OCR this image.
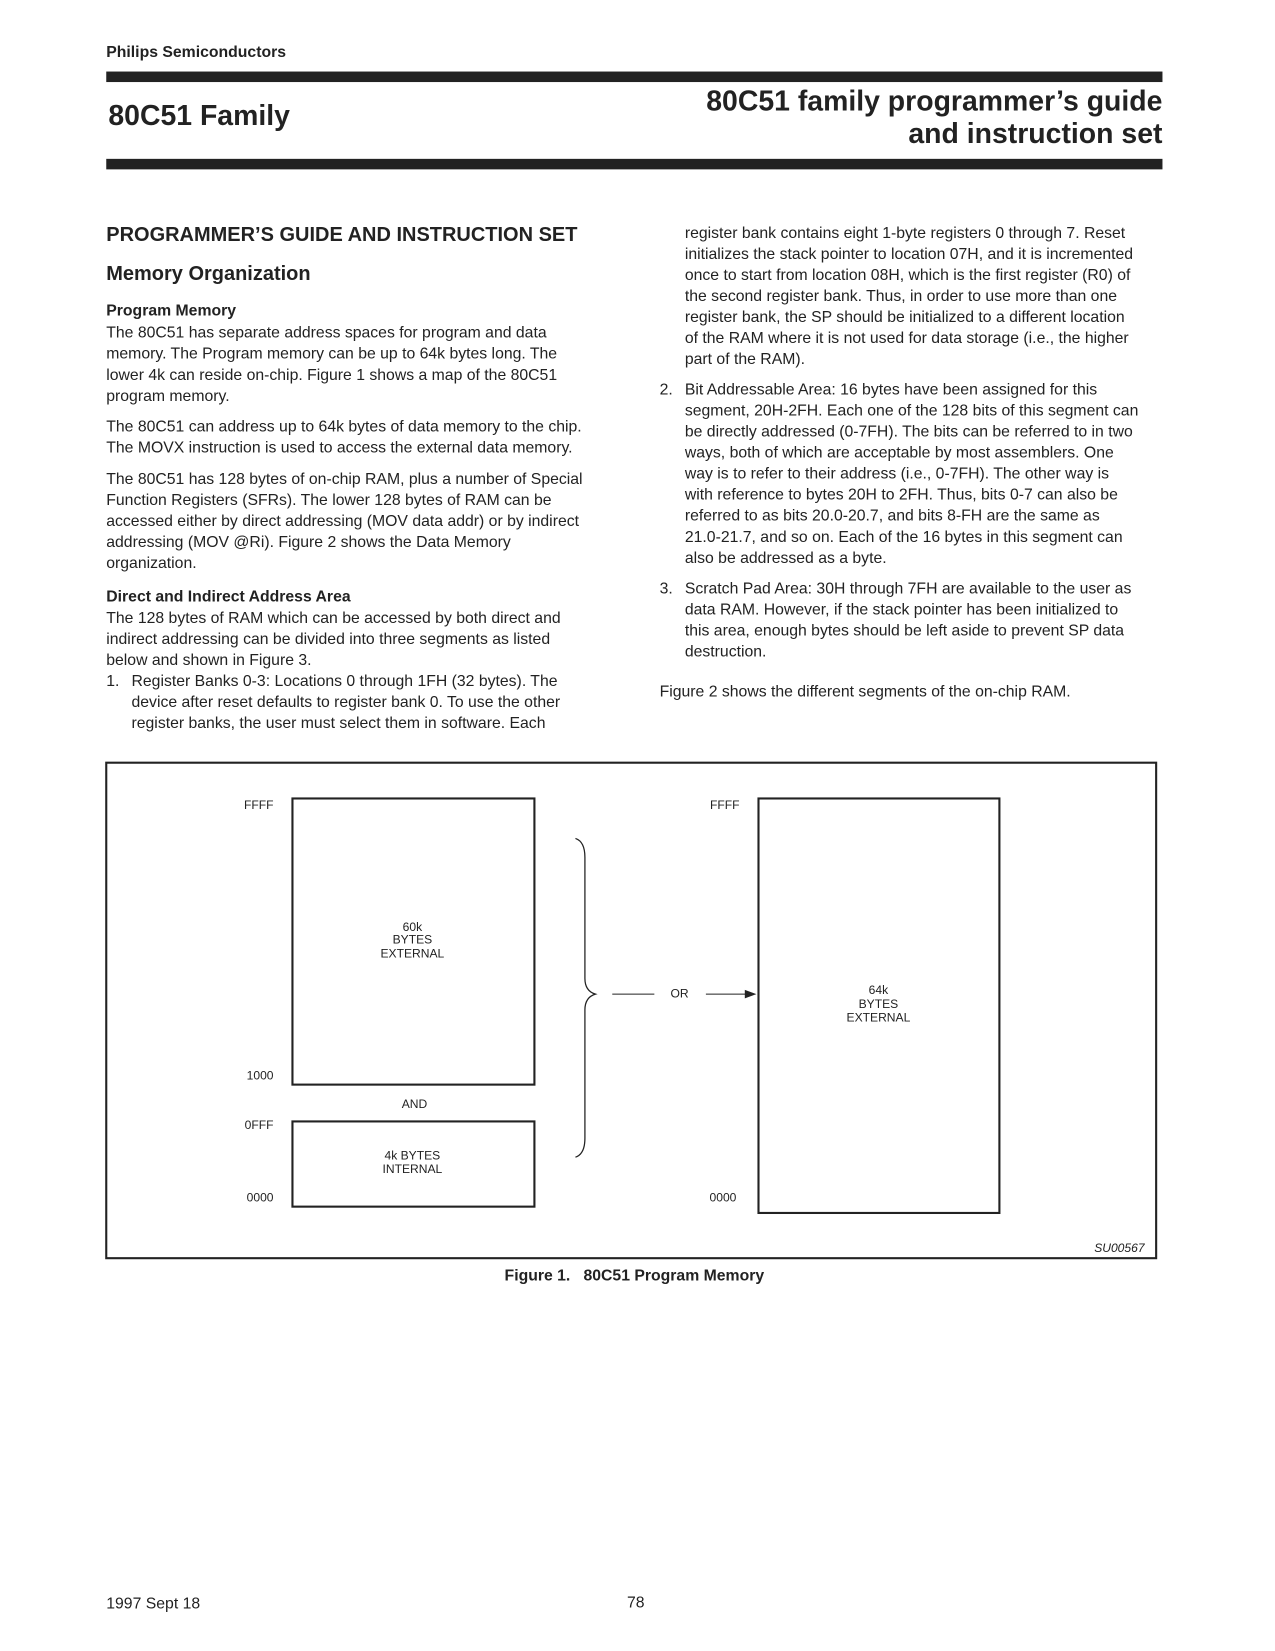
Philips Semiconductors
80C51 Family	80C51 family programmer’s guide
and instruction set
PROGRAMMER’S GUIDE AND INSTRUCTION SET
Memory Organization
Program Memory
The 80C51 has separate address spaces for program and data
memory. The Program memory can be up to 64k bytes long. The
lower 4k can reside on-chip. Figure 1 shows a map of the 80C51
program memory.
The 80C51 can address up to 64k bytes of data memory to the chip.
The MOVX instruction is used to access the external data memory.
The 80C51 has 128 bytes of on-chip RAM, plus a number of Special
Function Registers (SFRs). The lower 128 bytes of RAM can be
accessed either by direct addressing (MOV data addr) or by indirect
addressing (MOV @Ri). Figure 2 shows the Data Memory
organization.
Direct and Indirect Address Area
The 128 bytes of RAM which can be accessed by both direct and
indirect addressing can be divided into three segments as listed
below and shown in Figure 3.
1. Register Banks 0-3: Locations 0 through 1FH (32 bytes). The
device after reset defaults to register bank 0. To use the other
register banks, the user must select them in software. Each
register bank contains eight 1-byte registers 0 through 7. Reset
initializes the stack pointer to location 07H, and it is incremented
once to start from location 08H, which is the first register (R0) of
the second register bank. Thus, in order to use more than one
register bank, the SP should be initialized to a different location
of the RAM where it is not used for data storage (i.e., the higher
part of the RAM).
2. Bit Addressable Area: 16 bytes have been assigned for this
segment, 20H-2FH. Each one of the 128 bits of this segment can
be directly addressed (0-7FH). The bits can be referred to in two
ways, both of which are acceptable by most assemblers. One
way is to refer to their address (i.e., 0-7FH). The other way is
with reference to bytes 20H to 2FH. Thus, bits 0-7 can also be
referred to as bits 20.0-20.7, and bits 8-FH are the same as
21.0-21.7, and so on. Each of the 16 bytes in this segment can
also be addressed as a byte.
3. Scratch Pad Area: 30H through 7FH are available to the user as
data RAM. However, if the stack pointer has been initialized to
this area, enough bytes should be left aside to prevent SP data
destruction.
Figure 2 shows the different segments of the on-chip RAM.
FFFF
1000
0FFF
0000
60k
BYTES
EXTERNAL
AND
4k BYTES
INTERNAL
OR
FFFF
0000
64k
BYTES
EXTERNAL
SU00567
Figure 1.   80C51 Program Memory
1997 Sept 18	78
